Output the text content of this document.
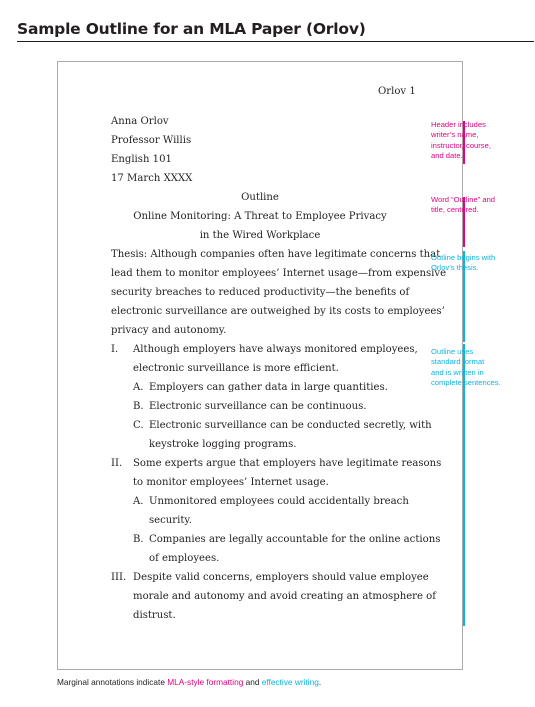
Sample Outline for an MLA Paper (Orlov)
Orlov 1
Anna Orlov
Professor Willis
English 101
17 March XXXX
Outline
Online Monitoring: A Threat to Employee Privacy
in the Wired Workplace
Thesis: Although companies often have legitimate concerns that
lead them to monitor employees’ Internet usage—from expensive
security breaches to reduced productivity—the benefits of
electronic surveillance are outweighed by its costs to employees’
privacy and autonomy.
I. Although employers have always monitored employees,
electronic surveillance is more efficient.
A. Employers can gather data in large quantities.
B. Electronic surveillance can be continuous.
C. Electronic surveillance can be conducted secretly, with
keystroke logging programs.
II. Some experts argue that employers have legitimate reasons
to monitor employees’ Internet usage.
A. Unmonitored employees could accidentally breach
security.
B. Companies are legally accountable for the online actions
of employees.
III. Despite valid concerns, employers should value employee
morale and autonomy and avoid creating an atmosphere of
distrust.
Header includes
writer’s name,
instructor, course,
and date.
Word “Outline” and
title, centered.
Outline begins with
Orlov’s thesis.
Outline uses
standard format
and is written in
complete sentences.
Marginal annotations indicate MLA-style formatting and effective writing.
